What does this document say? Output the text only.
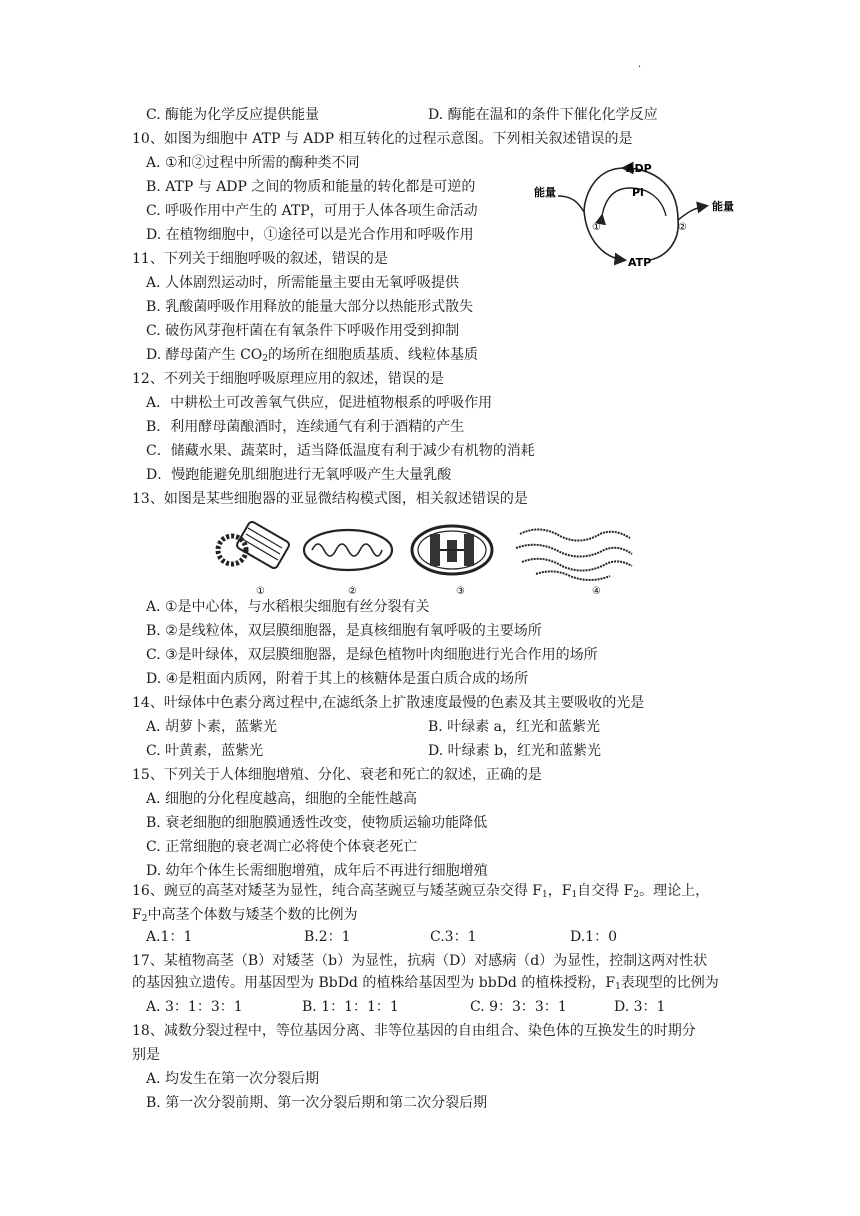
·
C. 酶能为化学反应提供能量	D. 酶能在温和的条件下催化化学反应
10、如图为细胞中 ATP 与 ADP 相互转化的过程示意图。下列相关叙述错误的是
A. ①和②过程中所需的酶种类不同
B. ATP 与 ADP 之间的物质和能量的转化都是可逆的
C. 呼吸作用中产生的 ATP，可用于人体各项生命活动
D. 在植物细胞中，①途径可以是光合作用和呼吸作用
11、下列关于细胞呼吸的叙述，错误的是
A. 人体剧烈运动时，所需能量主要由无氧呼吸提供
B. 乳酸菌呼吸作用释放的能量大部分以热能形式散失
C. 破伤风芽孢杆菌在有氧条件下呼吸作用受到抑制
D. 酵母菌产生 $CO_2$的场所在细胞质基质、线粒体基质
12、不列关于细胞呼吸原理应用的叙述，错误的是
A．中耕松土可改善氧气供应，促进植物根系的呼吸作用
B．利用酵母菌酿酒时，连续通气有利于酒精的产生
C．储藏水果、蔬菜时，适当降低温度有利于减少有机物的消耗
D．慢跑能避免肌细胞进行无氧呼吸产生大量乳酸
13、如图是某些细胞器的亚显微结构模式图，相关叙述错误的是
A. ①是中心体，与水稻根尖细胞有丝分裂有关
B. ②是线粒体，双层膜细胞器，是真核细胞有氧呼吸的主要场所
C. ③是叶绿体，双层膜细胞器，是绿色植物叶肉细胞进行光合作用的场所
D. ④是粗面内质网，附着于其上的核糖体是蛋白质合成的场所
14、叶绿体中色素分离过程中,在滤纸条上扩散速度最慢的色素及其主要吸收的光是
A. 胡萝卜素，蓝紫光	B. 叶绿素 a，红光和蓝紫光
C. 叶黄素，蓝紫光	D. 叶绿素 b，红光和蓝紫光
15、下列关于人体细胞增殖、分化、衰老和死亡的叙述，正确的是
A. 细胞的分化程度越高，细胞的全能性越高
B. 衰老细胞的细胞膜通透性改变，使物质运输功能降低
C. 正常细胞的衰老凋亡必将使个体衰老死亡
D. 幼年个体生长需细胞增殖，成年后不再进行细胞增殖
16、豌豆的高茎对矮茎为显性，纯合高茎豌豆与矮茎豌豆杂交得 $F_1$，$F_1$自交得 $F_2$。理论上，
$F_2$中高茎个体数与矮茎个数的比例为
A.1：1	B.2：1	C.3：1	D.1：0
17、某植物高茎（B）对矮茎（b）为显性，抗病（D）对感病（d）为显性，控制这两对性状
的基因独立遗传。用基因型为 BbDd 的植株给基因型为 bbDd 的植株授粉，$F_1$表现型的比例为
A. 3：1：3：1	B. 1：1：1：1	C. 9：3：3：1	D. 3：1
18、减数分裂过程中，等位基因分离、非等位基因的自由组合、染色体的互换发生的时期分
别是
A. 均发生在第一次分裂后期
B. 第一次分裂前期、第一次分裂后期和第二次分裂后期
ADP
Pi
ATP
能量
能量
①	②
①	②	③	④
